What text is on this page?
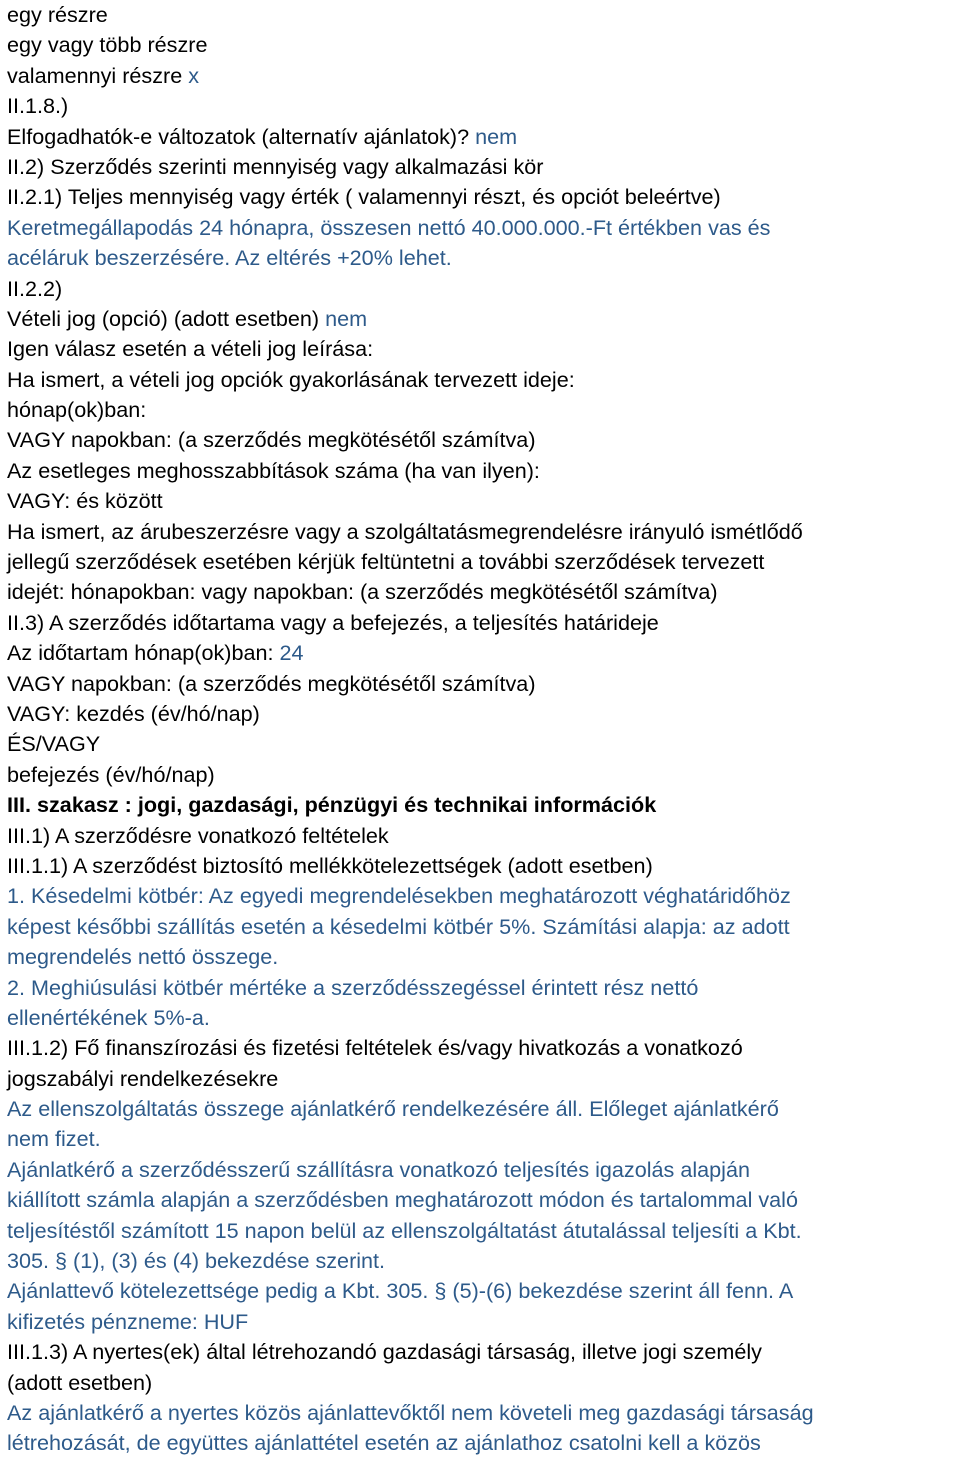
egy részre
egy vagy több részre
valamennyi részre x
II.1.8.)
Elfogadhatók-e változatok (alternatív ajánlatok)? nem
II.2) Szerződés szerinti mennyiség vagy alkalmazási kör
II.2.1) Teljes mennyiség vagy érték ( valamennyi részt, és opciót beleértve)
Keretmegállapodás 24 hónapra, összesen nettó 40.000.000.-Ft értékben vas és
acéláruk beszerzésére. Az eltérés +20% lehet.
II.2.2)
Vételi jog (opció) (adott esetben) nem
Igen válasz esetén a vételi jog leírása:
Ha ismert, a vételi jog opciók gyakorlásának tervezett ideje:
hónap(ok)ban:
VAGY napokban: (a szerződés megkötésétől számítva)
Az esetleges meghosszabbítások száma (ha van ilyen):
VAGY: és között
Ha ismert, az árubeszerzésre vagy a szolgáltatásmegrendelésre irányuló ismétlődő
jellegű szerződések esetében kérjük feltüntetni a további szerződések tervezett
idejét: hónapokban: vagy napokban: (a szerződés megkötésétől számítva)
II.3) A szerződés időtartama vagy a befejezés, a teljesítés határideje
Az időtartam hónap(ok)ban: 24
VAGY napokban: (a szerződés megkötésétől számítva)
VAGY: kezdés (év/hó/nap)
ÉS/VAGY
befejezés (év/hó/nap)
III. szakasz : jogi, gazdasági, pénzügyi és technikai információk
III.1) A szerződésre vonatkozó feltételek
III.1.1) A szerződést biztosító mellékkötelezettségek (adott esetben)
1. Késedelmi kötbér: Az egyedi megrendelésekben meghatározott véghatáridőhöz
képest későbbi szállítás esetén a késedelmi kötbér 5%. Számítási alapja: az adott
megrendelés nettó összege.
2. Meghiúsulási kötbér mértéke a szerződésszegéssel érintett rész nettó
ellenértékének 5%-a.
III.1.2) Fő finanszírozási és fizetési feltételek és/vagy hivatkozás a vonatkozó
jogszabályi rendelkezésekre
Az ellenszolgáltatás összege ajánlatkérő rendelkezésére áll. Előleget ajánlatkérő
nem fizet.
Ajánlatkérő a szerződésszerű szállításra vonatkozó teljesítés igazolás alapján
kiállított számla alapján a szerződésben meghatározott módon és tartalommal való
teljesítéstől számított 15 napon belül az ellenszolgáltatást átutalással teljesíti a Kbt.
305. § (1), (3) és (4) bekezdése szerint.
Ajánlattevő kötelezettsége pedig a Kbt. 305. § (5)-(6) bekezdése szerint áll fenn. A
kifizetés pénzneme: HUF
III.1.3) A nyertes(ek) által létrehozandó gazdasági társaság, illetve jogi személy
(adott esetben)
Az ajánlatkérő a nyertes közös ajánlattevőktől nem követeli meg gazdasági társaság
létrehozását, de együttes ajánlattétel esetén az ajánlathoz csatolni kell a közös
